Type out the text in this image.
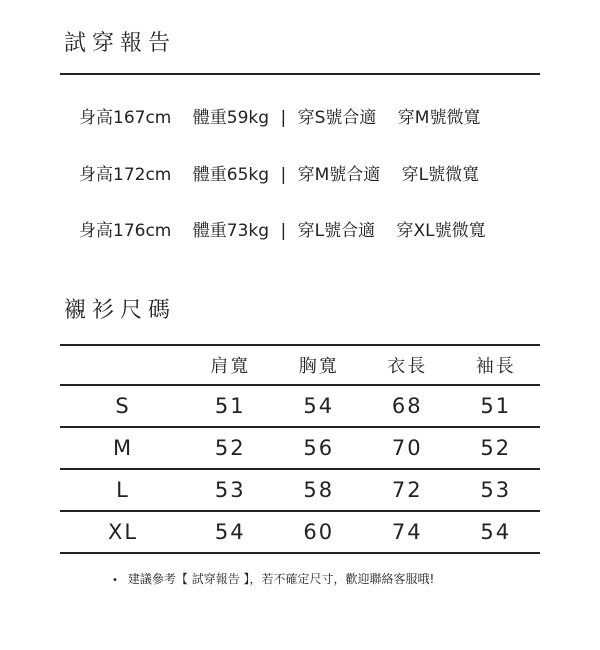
試穿報告
身高167cm 體重59kg | 穿S號合適 穿M號微寬
身高172cm 體重65kg | 穿M號合適 穿L號微寬
身高176cm 體重73kg | 穿L號合適 穿XL號微寬
襯衫尺碼
	肩寬	胸寬	衣長	袖長
S	51	54	68	51
M	52	56	70	52
L	53	58	72	53
XL	54	60	74	54
• 建議參考【 試穿報告 】，若不確定尺寸，歡迎聯絡客服哦!
